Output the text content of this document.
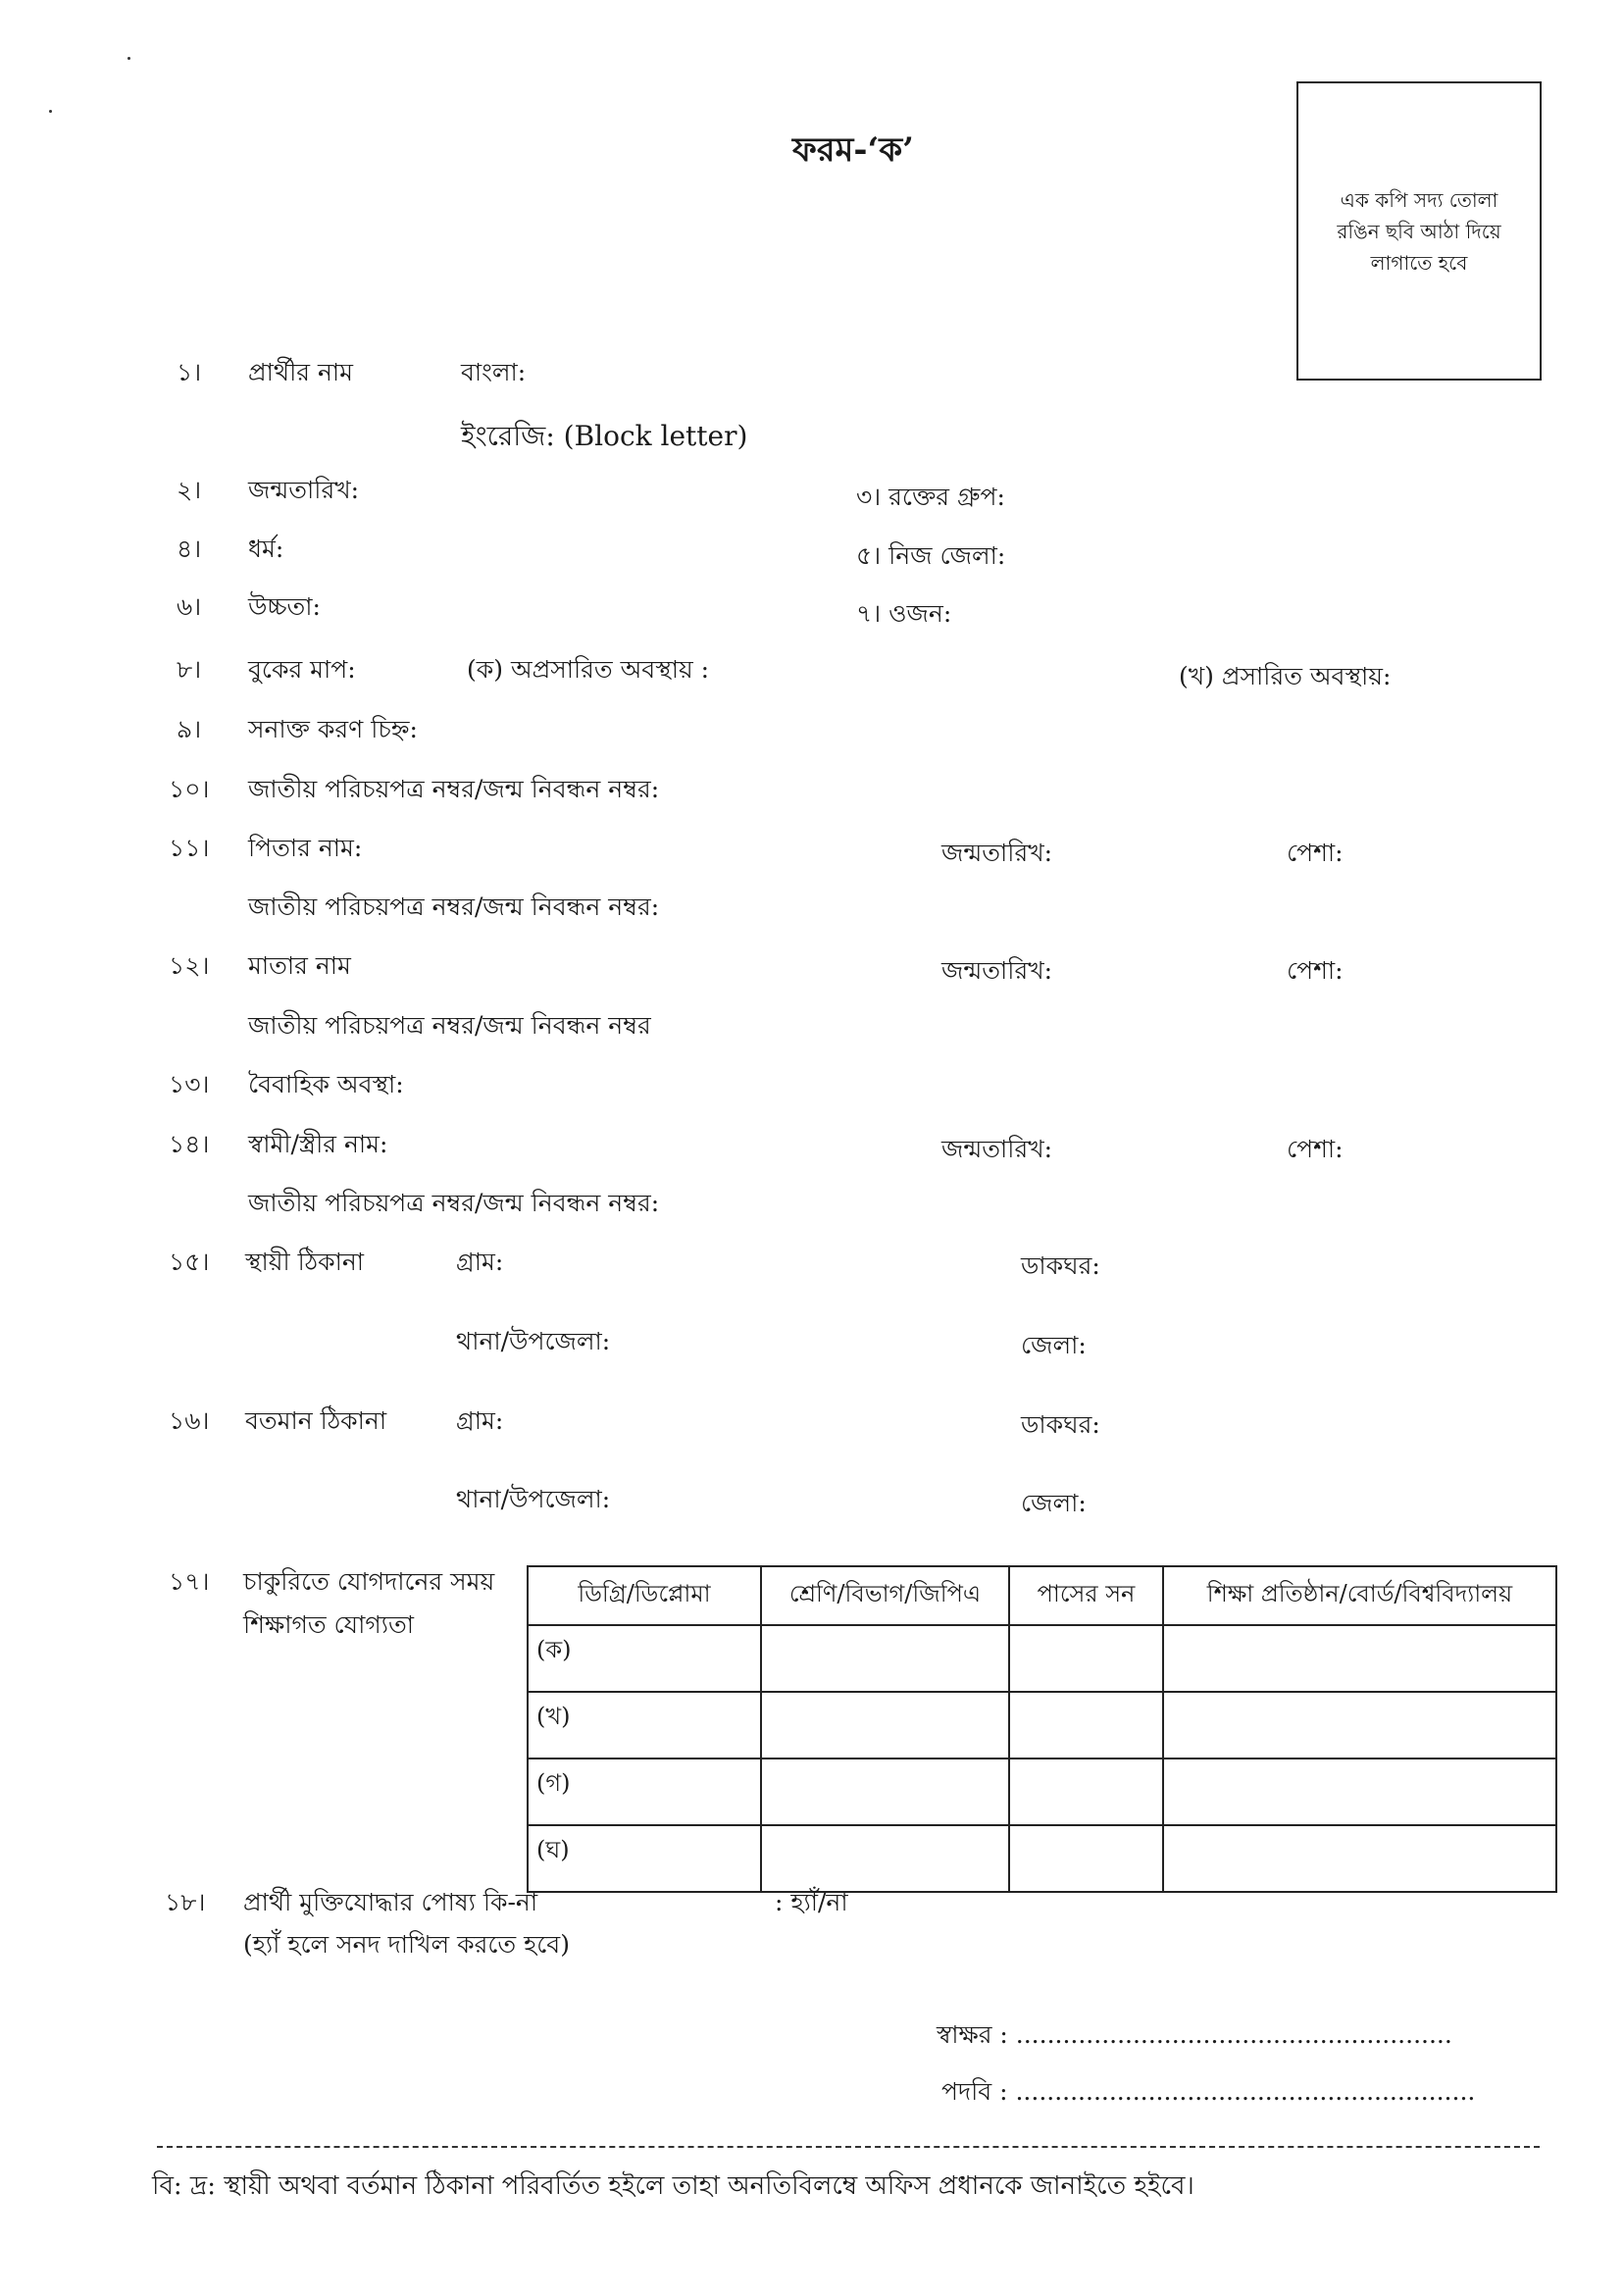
ফরম-‘ক’
এক কপি সদ্য তোলা
রঙিন ছবি আঠা দিয়ে
লাগাতে হবে
১। প্রার্থীর নাম	বাংলা:
ইংরেজি: (Block letter)
২। জন্মতারিখ:	৩। রক্তের গ্রুপ:
৪। ধর্ম:	৫। নিজ জেলা:
৬। উচ্চতা:	৭। ওজন:
৮। বুকের মাপ:	(ক) অপ্রসারিত অবস্থায় :	(খ) প্রসারিত অবস্থায়:
৯। সনাক্ত করণ চিহ্ন:
১০। জাতীয় পরিচয়পত্র নম্বর/জন্ম নিবন্ধন নম্বর:
১১। পিতার নাম:	জন্মতারিখ:	পেশা:
জাতীয় পরিচয়পত্র নম্বর/জন্ম নিবন্ধন নম্বর:
১২। মাতার নাম	জন্মতারিখ:	পেশা:
জাতীয় পরিচয়পত্র নম্বর/জন্ম নিবন্ধন নম্বর
১৩। বৈবাহিক অবস্থা:
১৪। স্বামী/স্ত্রীর নাম:	জন্মতারিখ:	পেশা:
জাতীয় পরিচয়পত্র নম্বর/জন্ম নিবন্ধন নম্বর:
১৫। স্থায়ী ঠিকানা	গ্রাম:	ডাকঘর:
থানা/উপজেলা:	জেলা:
১৬। বতমান ঠিকানা	গ্রাম:	ডাকঘর:
থানা/উপজেলা:	জেলা:
১৭। চাকুরিতে যোগদানের সময়
শিক্ষাগত যোগ্যতা
ডিগ্রি/ডিপ্লোমা	শ্রেণি/বিভাগ/জিপিএ	পাসের সন	শিক্ষা প্রতিষ্ঠান/বোর্ড/বিশ্ববিদ্যালয়
(ক)			
(খ)			
(গ)			
(ঘ)			
১৮। প্রার্থী মুক্তিযোদ্ধার পোষ্য কি-না
(হ্যাঁ হলে সনদ দাখিল করতে হবে)
: হ্যাঁ/না
স্বাক্ষর : ........................................................
পদবি : ...........................................................
বি: দ্র: স্থায়ী অথবা বর্তমান ঠিকানা পরিবর্তিত হইলে তাহা অনতিবিলম্বে অফিস প্রধানকে জানাইতে হইবে।
